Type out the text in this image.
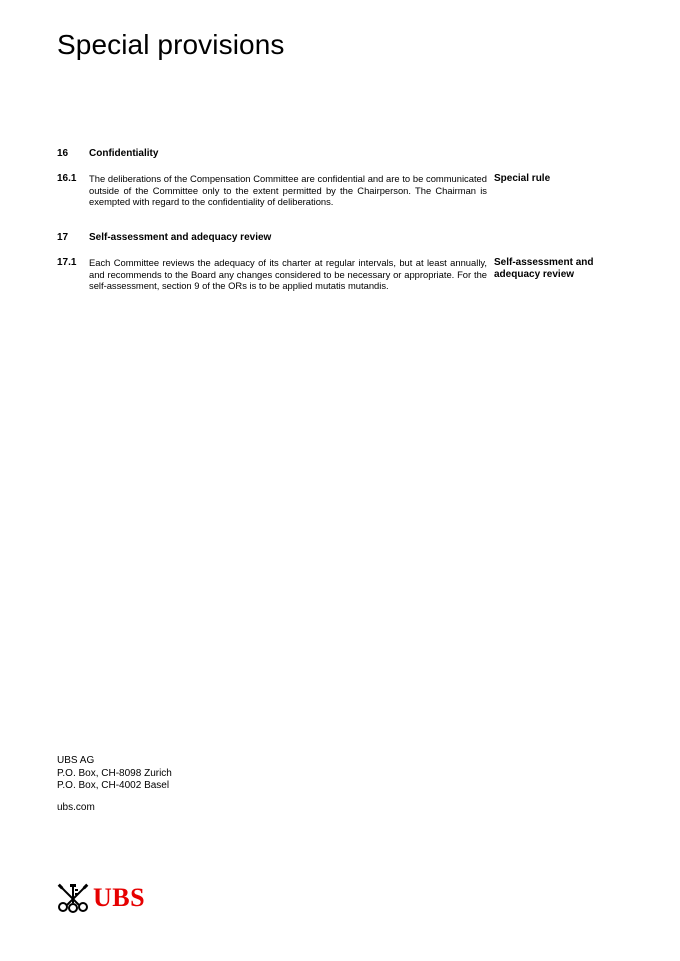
Special provisions
16 Confidentiality
16.1 The deliberations of the Compensation Committee are confidential and are to be communicated outside of the Committee only to the extent permitted by the Chairperson. The Chairman is exempted with regard to the confidentiality of deliberations.
Special rule
17 Self-assessment and adequacy review
17.1 Each Committee reviews the adequacy of its charter at regular intervals, but at least annually, and recommends to the Board any changes considered to be necessary or appropriate. For the self-assessment, section 9 of the ORs is to be applied mutatis mutandis.
Self-assessment and adequacy review
UBS AG
P.O. Box, CH-8098 Zurich
P.O. Box, CH-4002 Basel
ubs.com
UBS
